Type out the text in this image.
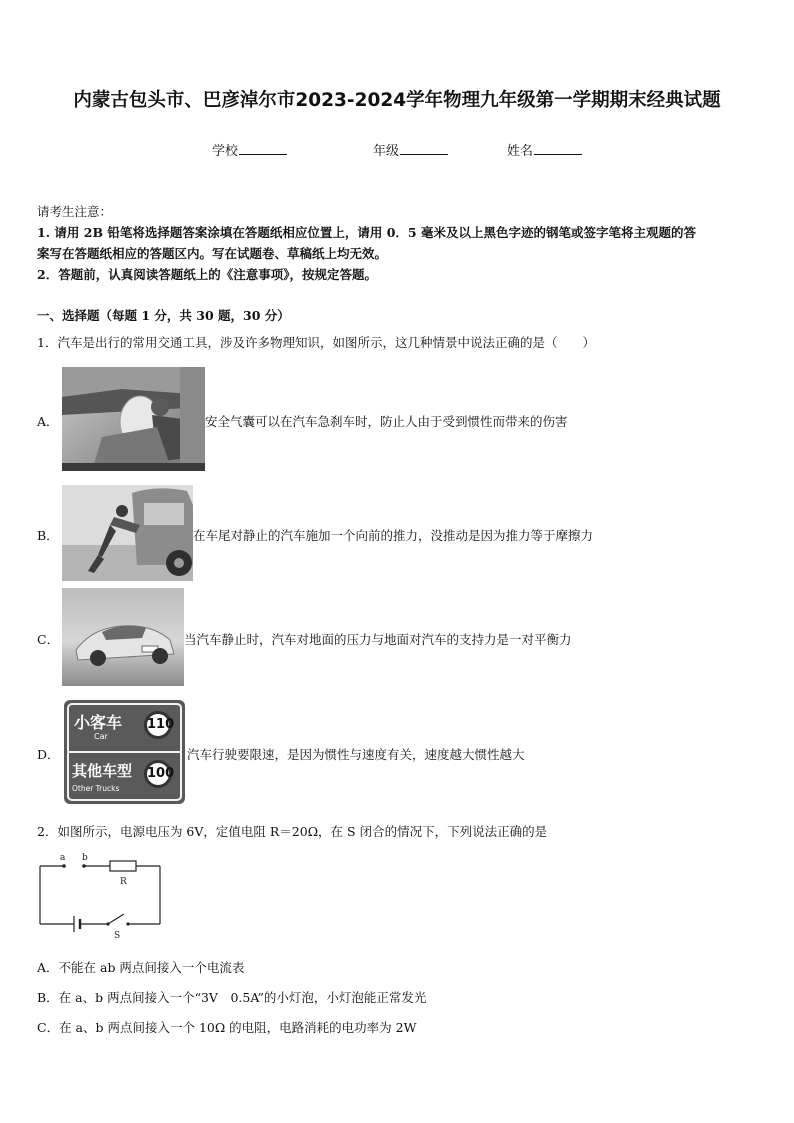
内蒙古包头市、巴彦淖尔市2023-2024学年物理九年级第一学期期末经典试题
学校	年级	姓名
请考生注意：
1. 请用 2B 铅笔将选择题答案涂填在答题纸相应位置上，请用 0．5 毫米及以上黑色字迹的钢笔或签字笔将主观题的答
案写在答题纸相应的答题区内。写在试题卷、草稿纸上均无效。
2．答题前，认真阅读答题纸上的《注意事项》，按规定答题。
一、选择题（每题 1 分，共 30 题，30 分）
1．汽车是出行的常用交通工具，涉及许多物理知识，如图所示，这几种情景中说法正确的是（　　）
A．	安全气囊可以在汽车急刹车时，防止人由于受到惯性而带来的伤害
B．	在车尾对静止的汽车施加一个向前的推力，没推动是因为推力等于摩擦力
C．	当汽车静止时，汽车对地面的压力与地面对汽车的支持力是一对平衡力
D．
小客车
Car
110
其他车型
Other Trucks
100
汽车行驶要限速，是因为惯性与速度有关，速度越大惯性越大
2．如图所示，电源电压为 6V，定值电阻 R＝20Ω，在 S 闭合的情况下，下列说法正确的是
a b
R
S
A．不能在 ab 两点间接入一个电流表
B．在 a、b 两点间接入一个“3V　0.5A”的小灯泡，小灯泡能正常发光
C．在 a、b 两点间接入一个 10Ω 的电阻，电路消耗的电功率为 2W
